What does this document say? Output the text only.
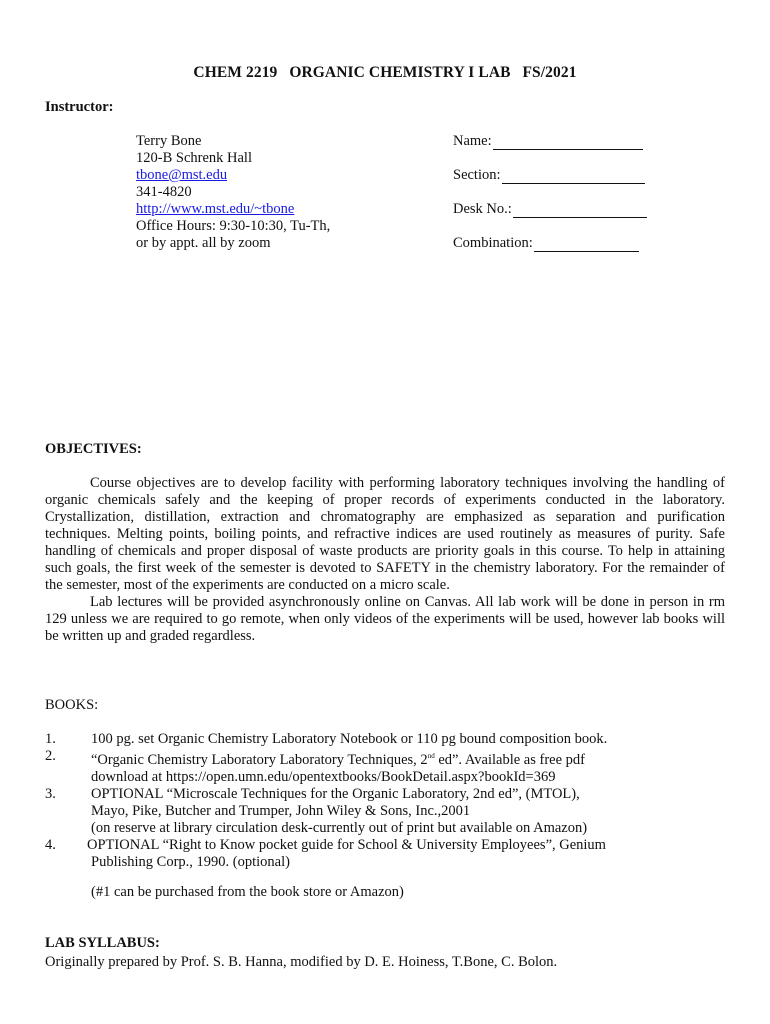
CHEM 2219   ORGANIC CHEMISTRY I LAB   FS/2021
Instructor:
Terry Bone
120-B Schrenk Hall
tbone@mst.edu
341-4820
http://www.mst.edu/~tbone
Office Hours: 9:30-10:30, Tu-Th,
or by appt. all by zoom
Name:
Section:
Desk No.:
Combination:
OBJECTIVES:

Course objectives are to develop facility with performing laboratory techniques involving the handling of organic chemicals safely and the keeping of proper records of experiments conducted in the laboratory. Crystallization, distillation, extraction and chromatography are emphasized as separation and purification techniques. Melting points, boiling points, and refractive indices are used routinely as measures of purity. Safe handling of chemicals and proper disposal of waste products are priority goals in this course. To help in attaining such goals, the first week of the semester is devoted to SAFETY in the chemistry laboratory. For the remainder of the semester, most of the experiments are conducted on a micro scale.

Lab lectures will be provided asynchronously online on Canvas. All lab work will be done in person in rm 129 unless we are required to go remote, when only videos of the experiments will be used, however lab books will be written up and graded regardless.

BOOKS:
1. 100 pg. set Organic Chemistry Laboratory Notebook or 110 pg bound composition book.
2. “Organic Chemistry Laboratory Laboratory Techniques, 2nd ed”. Available as free pdf
download at https://open.umn.edu/opentextbooks/BookDetail.aspx?bookId=369
3. OPTIONAL “Microscale Techniques for the Organic Laboratory, 2nd ed”, (MTOL),
Mayo, Pike, Butcher and Trumper, John Wiley & Sons, Inc.,2001
(on reserve at library circulation desk-currently out of print but available on Amazon)
4. OPTIONAL “Right to Know pocket guide for School & University Employees”, Genium
Publishing Corp., 1990. (optional)
(#1 can be purchased from the book store or Amazon)
LAB SYLLABUS:
Originally prepared by Prof. S. B. Hanna, modified by D. E. Hoiness, T.Bone, C. Bolon.
